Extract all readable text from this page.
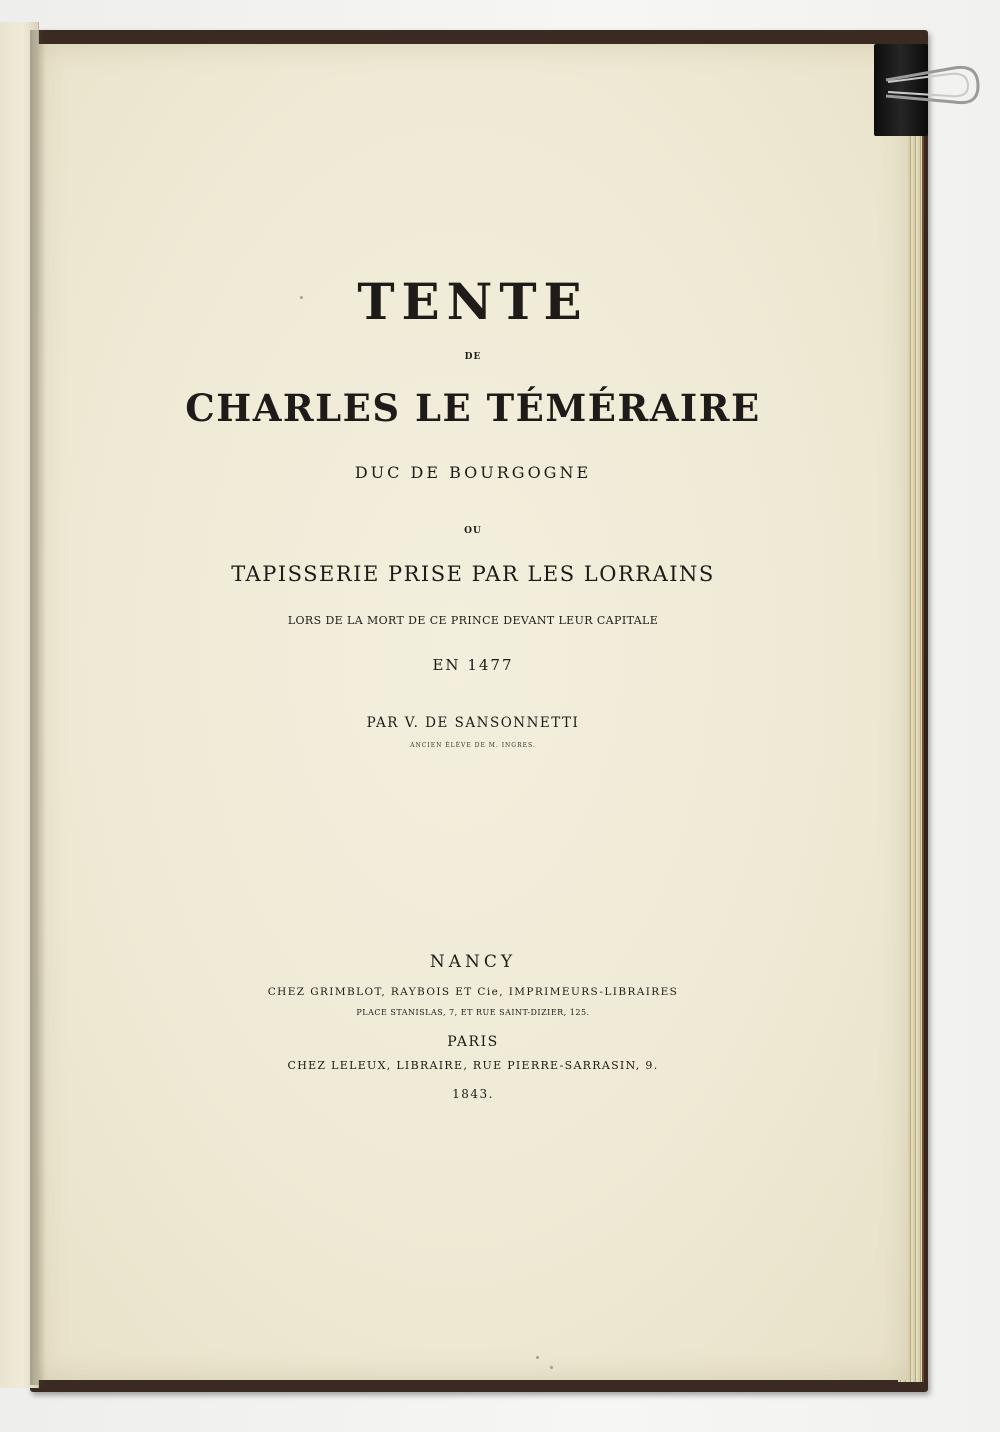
TENTE
DE
CHARLES LE TÉMÉRAIRE
DUC DE BOURGOGNE
OU
TAPISSERIE PRISE PAR LES LORRAINS
LORS DE LA MORT DE CE PRINCE DEVANT LEUR CAPITALE
EN 1477
PAR V. DE SANSONNETTI
ANCIEN ÉLÈVE DE M. INGRES.
NANCY
CHEZ GRIMBLOT, RAYBOIS ET Cie, IMPRIMEURS-LIBRAIRES
PLACE STANISLAS, 7, ET RUE SAINT-DIZIER, 125.
PARIS
CHEZ LELEUX, LIBRAIRE, RUE PIERRE-SARRASIN, 9.
1843.
